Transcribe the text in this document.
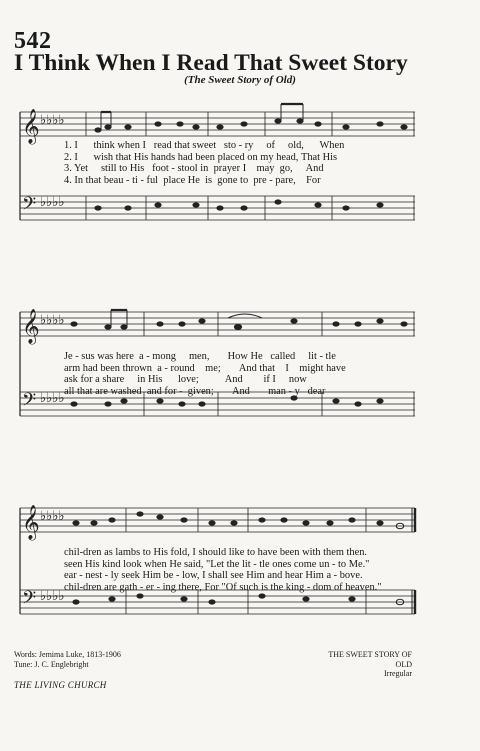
542
I Think When I Read That Sweet Story
(The Sweet Story of Old)
𝄞
𝄢
♭♭♭♭
♭♭♭♭
1. I think when I read that sweet sto - ry of old, When
2. I wish that His hands had been placed on my head, That His
3. Yet still to His foot - stool in prayer I may go, And
4. In that beau - ti - ful place He is gone to pre - pare, For
𝄞
𝄢
♭♭♭♭
♭♭♭♭
Je - sus was here a - mong men, How He called lit - tle
arm had been thrown a - round me; And that I might have
ask for a share in His love; And if I now
all that are washed and for - given; And man - y dear
𝄞
𝄢
♭♭♭♭
♭♭♭♭
chil-dren as lambs to His fold, I should like to have been with them then.
seen His kind look when He said, "Let the lit - tle ones come un - to Me."
ear - nest - ly seek Him be - low, I shall see Him and hear Him a - bove.
chil-dren are gath - er - ing there, For "Of such is the king - dom of heaven."
Words: Jemima Luke, 1813-1906
Tune: J. C. Englebright
THE SWEET STORY OF OLD
Irregular
THE LIVING CHURCH
